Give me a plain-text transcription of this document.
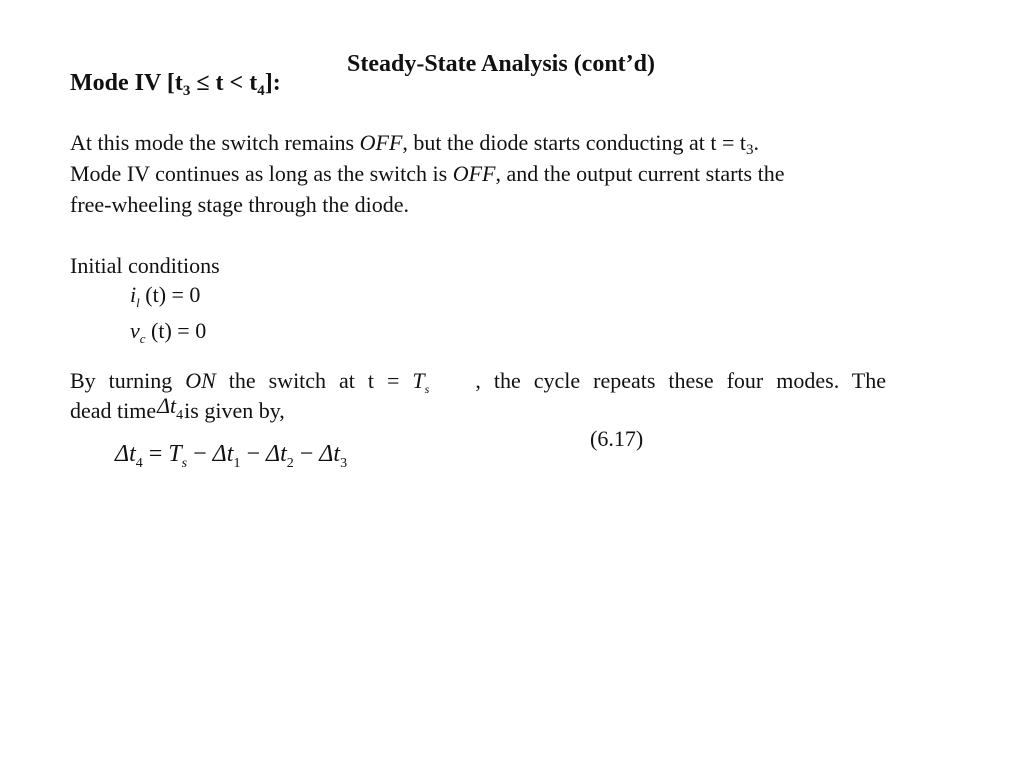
Steady-State Analysis (cont’d)
Mode IV $[t_3 \le t < t_4]$:
At this mode the switch remains OFF, but the diode starts conducting at $t = t_3$.
Mode IV continues as long as the switch is OFF, and the output current starts the
free-wheeling stage through the diode.
Initial conditions
$i_l$ (t) = 0
$v_c$ (t) = 0
By turning ON the switch at $t = T_s$ , the cycle repeats these four modes. The
dead timeΔt$_4$is given by,
(6.17)
$\Delta t_4 = T_s - \Delta t_1 - \Delta t_2 - \Delta t_3$
